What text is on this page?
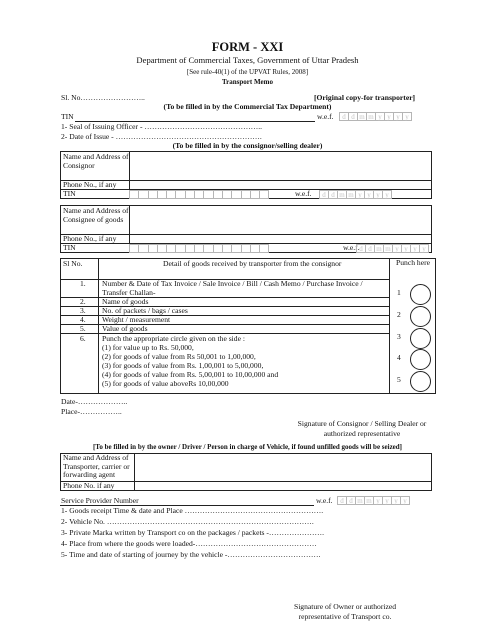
FORM - XXI
Department of Commercial Taxes, Government of Uttar Pradesh
[See rule-40(1) of the UPVAT Rules, 2008]
Transport Memo
Sl. No……………………..	[Original copy-for transporter]
(To be filled in by the Commercial Tax Department)
TIN	w.e.f.	d d m m y y y y
1- Seal of Issuing Officer - ………………………………………..
2- Date of Issue - ………………………………………………….
(To be filled in by the consignor/selling dealer)
Name and Address of Consignor
Phone No., if any
TIN	w.e.f.	d d m m y y y y
Name and Address of Consignee of goods
Phone No., if any
TIN	w.e.f. d d m m y y y y
Sl No.	Detail of goods received by transporter from the consignor	Punch here
1. Number & Date of Tax Invoice / Sale Invoice / Bill / Cash Memo / Purchase Invoice / Transfer Challan-
2. Name of goods
3. No. of packets / bags / cases
4. Weight / measurement
5. Value of goods
6. Punch the appropriate circle given on the side :
(1) for value up to Rs. 50,000,
(2) for goods of value from Rs 50,001 to 1,00,000,
(3) for goods of value from Rs. 1,00,001 to 5,00,000,
(4) for goods of value from Rs. 5,00,001 to 10,00,000 and
(5) for goods of value aboveRs 10,00,000
1
2
3
4
5
Date-………………..
Place-……………..
Signature of Consignor / Selling Dealer or
authorized representative
[To be filled in by the owner / Driver / Person in charge of Vehicle, if found unfilled goods will be seized]
Name and Address of Transporter, carrier or forwarding agent
Phone No. if any
Service Provider Number	w.e.f.	d d m m y y y y
1- Goods receipt Time & date and Place ……………………………………………….
2- Vehicle No. ……………………………………………………………………….
3- Private Marka written by Transport co on the packages / packets -………………….
4- Place from where the goods were loaded-…………………………………………
5- Time and date of starting of journey by the vehicle -……………………………….
Signature of Owner or authorized
representative of Transport co.
